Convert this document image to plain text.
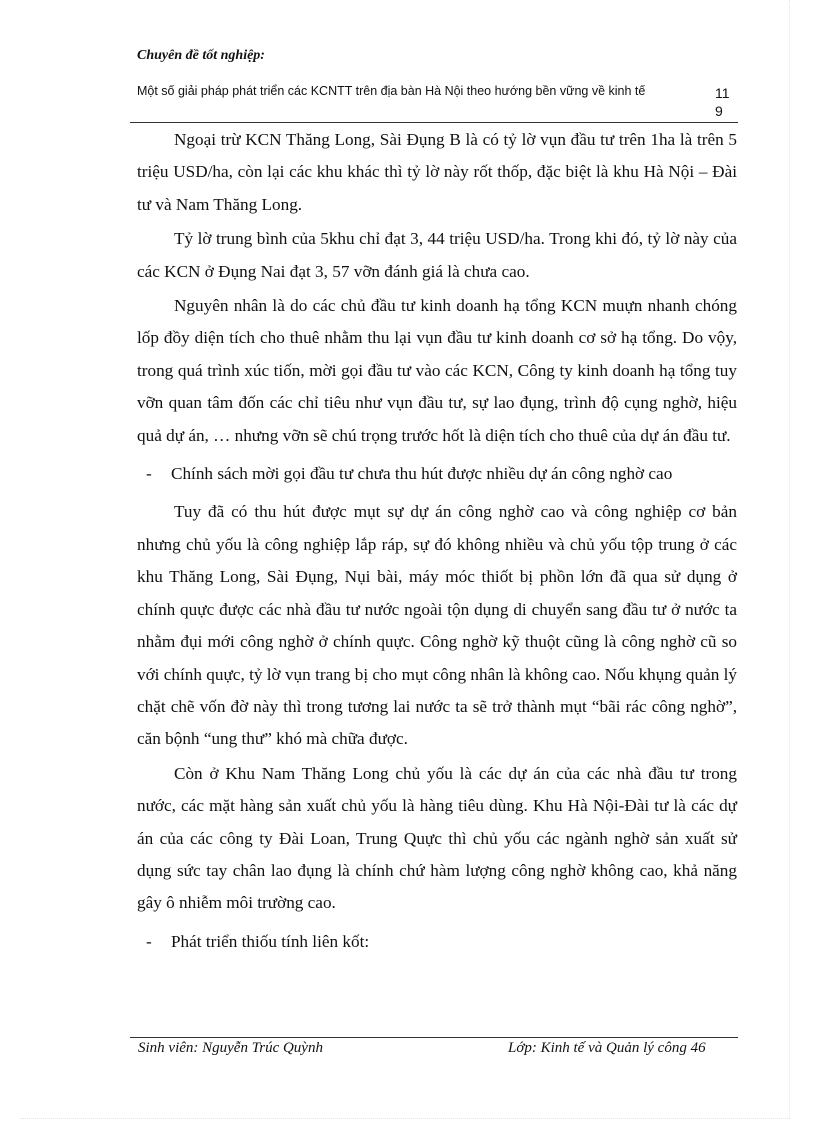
Chuyên đề tốt nghiệp:
Một số giải pháp phát triển các KCNTT trên địa bàn Hà Nội theo hướng bền vững về kinh tế	119

Ngoại trừ KCN Thăng Long, Sài Đụng B là có tỷ lờ vụn đầu tư trên 1ha là trên 5 triệu USD/ha, còn lại các khu khác thì tỷ lờ này rốt thốp, đặc biệt là khu Hà Nội – Đài tư và Nam Thăng Long.

Tỷ lờ trung bình của 5khu chỉ đạt 3, 44 triệu USD/ha. Trong khi đó, tỷ lờ này của các KCN ở Đụng Nai đạt 3, 57 vỡn đánh giá là chưa cao.

Nguyên nhân là do các chủ đầu tư kinh doanh hạ tổng KCN muựn nhanh chóng lốp đồy diện tích cho thuê nhằm thu lại vụn đầu tư kinh doanh cơ sở hạ tổng. Do vộy, trong quá trình xúc tiốn, mời gọi đầu tư vào các KCN, Công ty kinh doanh hạ tổng tuy vỡn quan tâm đốn các chỉ tiêu như vụn đầu tư, sự lao đụng, trình độ cụng nghờ, hiệu quả dự án, … nhưng vỡn sẽ chú trọng trước hốt là diện tích cho thuê của dự án đầu tư.

-	Chính sách mời gọi đầu tư chưa thu hút được nhiều dự án công nghờ cao

Tuy đã có thu hút được mụt sự dự án công nghờ cao và công nghiệp cơ bản nhưng chủ yốu là công nghiệp lắp ráp, sự đó không nhiều và chủ yốu tộp trung ở các khu Thăng Long, Sài Đụng, Nụi bài, máy móc thiốt bị phồn lớn đã qua sử dụng ở chính quực được các nhà đầu tư nước ngoài tộn dụng di chuyển sang đầu tư ở nước ta nhằm đụi mới công nghờ ở chính quực. Công nghờ kỹ thuột cũng là công nghờ cũ so với chính quực, tỷ lờ vụn trang bị cho mụt công nhân là không cao. Nốu khụng quản lý chặt chẽ vốn đờ này thì trong tương lai nước ta sẽ trở thành mụt “bãi rác công nghờ”, căn bộnh “ung thư” khó mà chữa được.

Còn ở Khu Nam Thăng Long chủ yốu là các dự án của các nhà đầu tư trong nước, các mặt hàng sản xuất chủ yốu là hàng tiêu dùng. Khu Hà Nội-Đài tư là các dự án của các công ty Đài Loan, Trung Quực thì chủ yốu các ngành nghờ sản xuất sử dụng sức tay chân lao đụng là chính chứ hàm lượng công nghờ không cao, khả năng gây ô nhiễm môi trường cao.

-	Phát triển thiốu tính liên kốt:
Sinh viên: Nguyễn Trúc Quỳnh	Lớp: Kinh tế và Quản lý công 46
